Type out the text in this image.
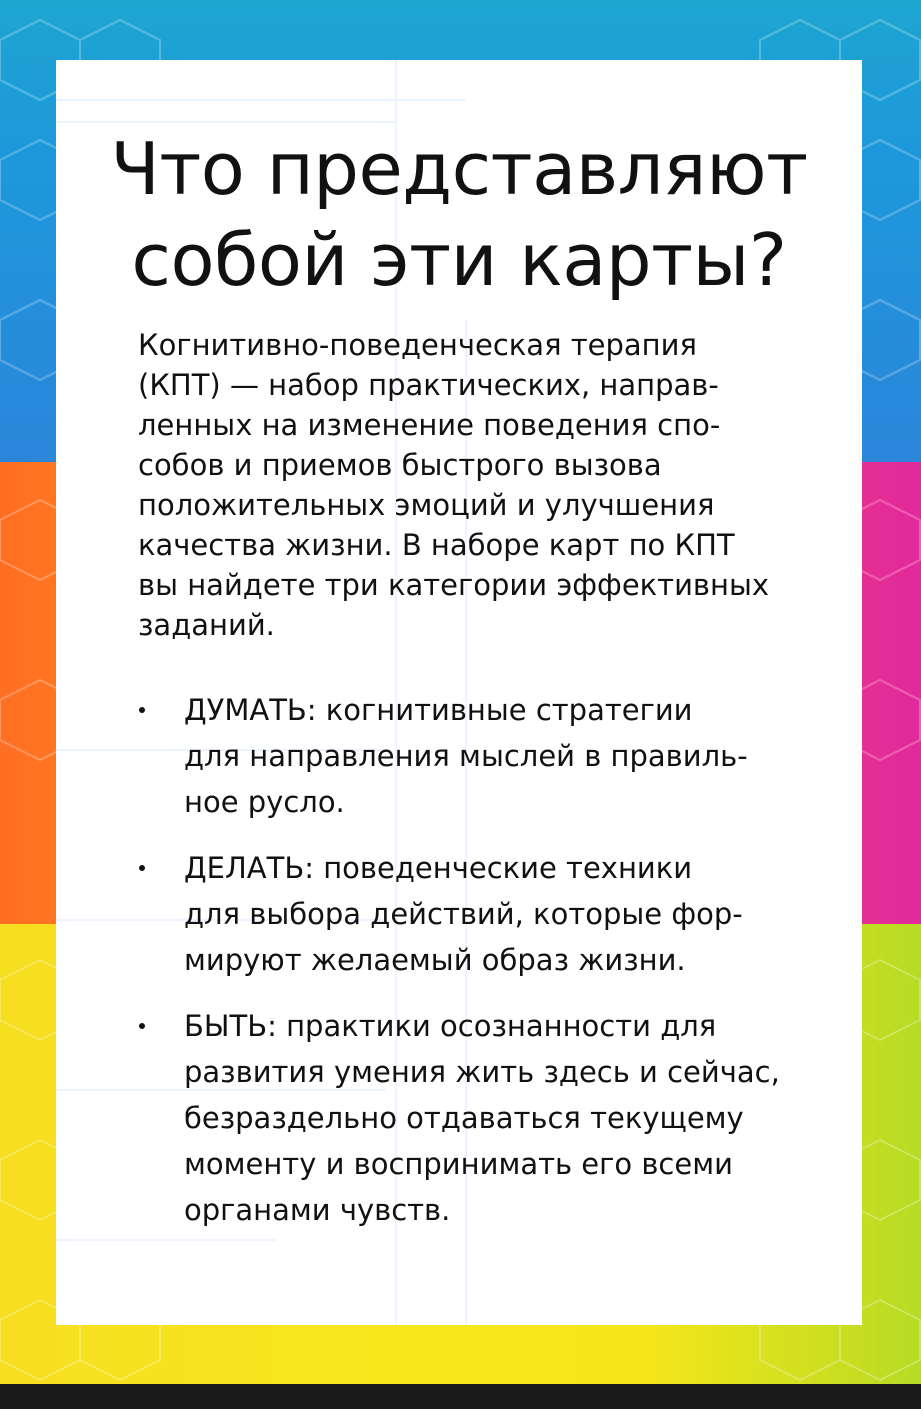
Что представляют
собой эти карты?
Когнитивно-поведенческая терапия
(КПТ) — набор практических, направ-
ленных на изменение поведения спо-
собов и приемов быстрого вызова
положительных эмоций и улучшения
качества жизни. В наборе карт по КПТ
вы найдете три категории эффективных
заданий.
ДУМАТЬ: когнитивные стратегии
для направления мыслей в правиль-
ное русло.
ДЕЛАТЬ: поведенческие техники
для выбора действий, которые фор-
мируют желаемый образ жизни.
БЫТЬ: практики осознанности для
развития умения жить здесь и сейчас,
безраздельно отдаваться текущему
моменту и воспринимать его всеми
органами чувств.
